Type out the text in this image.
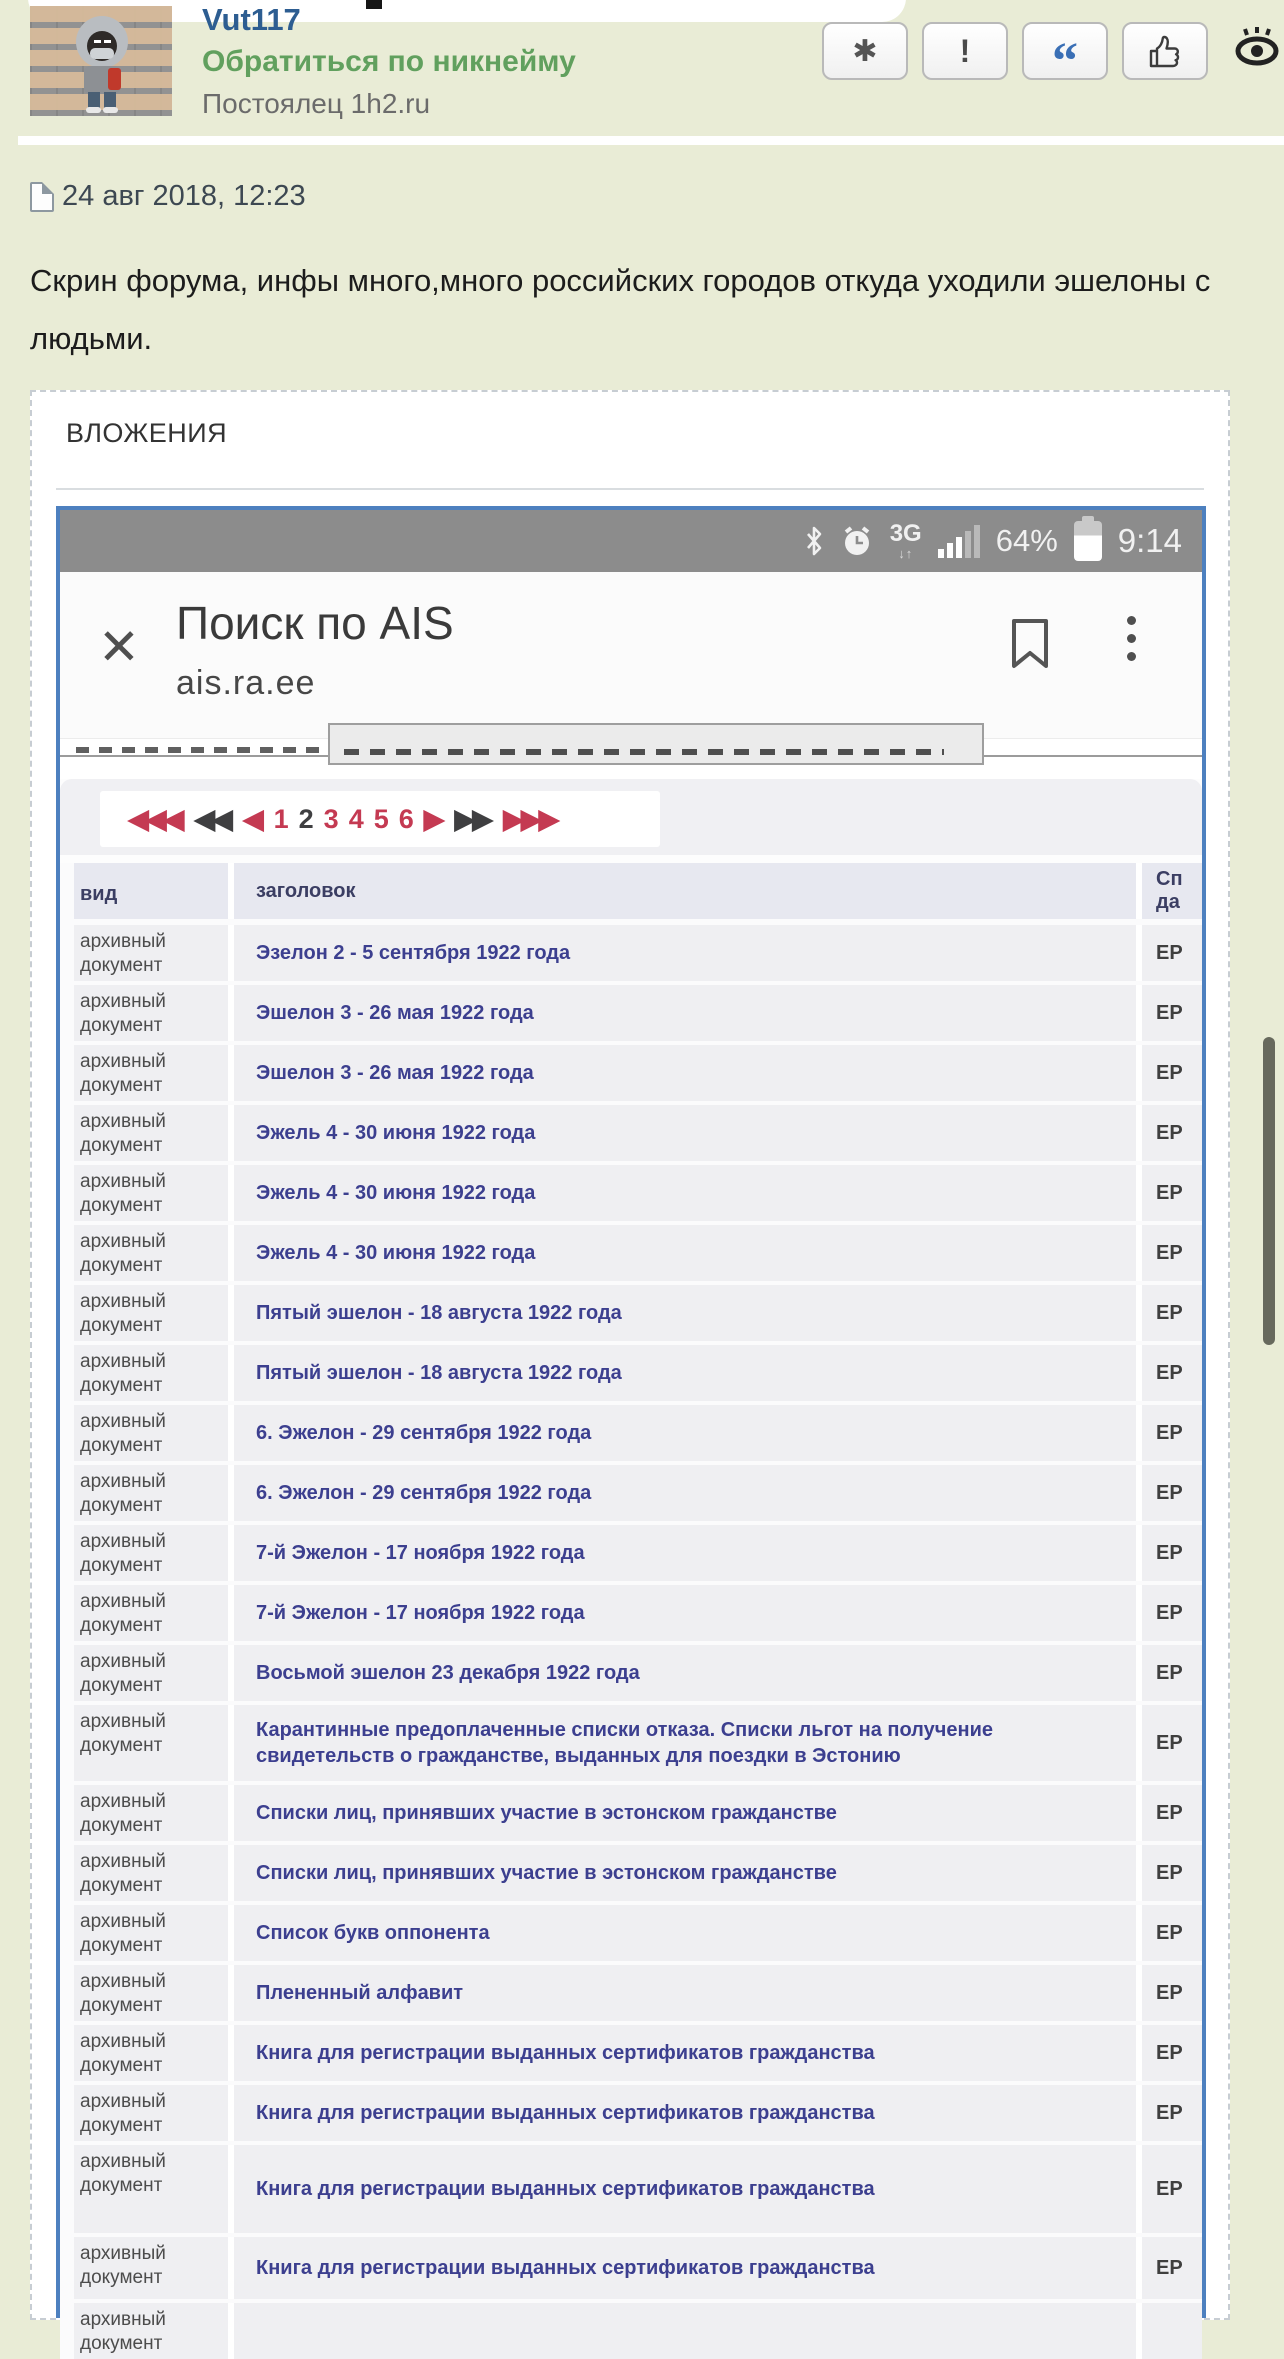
Vut117
Обратиться по никнейму
Постоялец 1h2.ru
✱	! “
24 авг 2018, 12:23
Скрин форума, инфы много,много российских городов откуда уходили эшелоны с людьми.
ВЛОЖЕНИЯ
3G
↓↑	64% 9:14
✕ Поиск по AIS
ais.ra.ee
◀◀◀ ◀◀ ◀ 1 2 3 4 5 6 ▶ ▶▶ ▶▶▶
вид	заголовок
Сп да
архивный
документ
Эзелон 2 - 5 сентября 1922 года	ЕР
архивный
документ
Эшелон 3 - 26 мая 1922 года	ЕР
архивный
документ
Эшелон 3 - 26 мая 1922 года	ЕР
архивный
документ
Эжель 4 - 30 июня 1922 года	ЕР
архивный
документ
Эжель 4 - 30 июня 1922 года	ЕР
архивный
документ
Эжель 4 - 30 июня 1922 года	ЕР
архивный
документ
Пятый эшелон - 18 августа 1922 года	ЕР
архивный
документ
Пятый эшелон - 18 августа 1922 года	ЕР
архивный
документ
6. Эжелон - 29 сентября 1922 года	ЕР
архивный
документ
6. Эжелон - 29 сентября 1922 года	ЕР
архивный
документ
7-й Эжелон - 17 ноября 1922 года	ЕР
архивный
документ
7-й Эжелон - 17 ноября 1922 года	ЕР
архивный
документ
Восьмой эшелон 23 декабря 1922 года	ЕР
архивный
документ
Карантинные предоплаченные списки отказа. Списки льгот на получение свидетельств о гражданстве, выданных для поездки в Эстонию
ЕР
архивный
документ
Списки лиц, принявших участие в эстонском гражданстве	ЕР
архивный
документ
Списки лиц, принявших участие в эстонском гражданстве	ЕР
архивный
документ
Список букв оппонента	ЕР
архивный
документ
Плененный алфавит	ЕР
архивный
документ
Книга для регистрации выданных сертификатов гражданства	ЕР
архивный
документ
Книга для регистрации выданных сертификатов гражданства	ЕР
архивный
документ	Книга для регистрации выданных сертификатов гражданства	ЕР
архивный
документ	Книга для регистрации выданных сертификатов гражданства	ЕР
архивный
документ
